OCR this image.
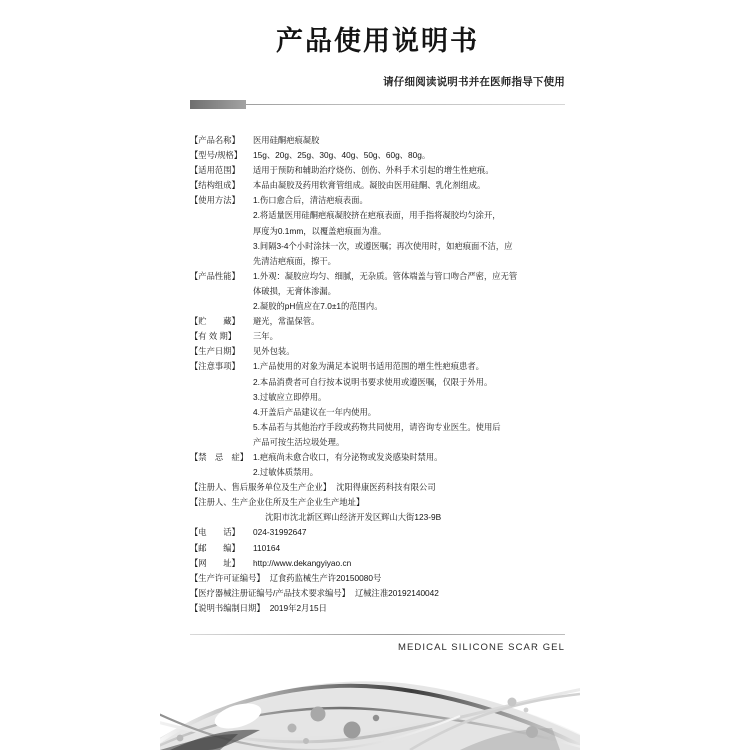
产品使用说明书
请仔细阅读说明书并在医师指导下使用
【产品名称】	医用硅酮疤痕凝胶
【型号/规格】	15g、20g、25g、30g、40g、50g、60g、80g。
【适用范围】	适用于预防和辅助治疗烧伤、创伤、外科手术引起的增生性疤痕。
【结构组成】	本品由凝胶及药用软膏管组成。凝胶由医用硅酮、乳化剂组成。
【使用方法】	1.伤口愈合后，清洁疤痕表面。
2.将适量医用硅酮疤痕凝胶挤在疤痕表面，用手指将凝胶均匀涂开，
厚度为0.1mm，以覆盖疤痕面为准。
3.间隔3-4个小时涂抹一次，或遵医嘱；再次使用时，如疤痕面不洁，应
先清洁疤痕面，擦干。
【产品性能】	1.外观：凝胶应均匀、细腻，无杂质。管体端盖与管口吻合严密，应无管
体破损，无膏体渗漏。
2.凝胶的pH值应在7.0±1的范围内。
【贮　　藏】	避光，常温保管。
【有 效 期】	三年。
【生产日期】	见外包装。
【注意事项】	1.产品使用的对象为满足本说明书适用范围的增生性疤痕患者。
2.本品消费者可自行按本说明书要求使用或遵医嘱，仅限于外用。
3.过敏应立即停用。
4.开盖后产品建议在一年内使用。
5.本品若与其他治疗手段或药物共同使用，请咨询专业医生。使用后
产品可按生活垃圾处理。
【禁　忌　症】 1.疤痕尚未愈合收口，有分泌物或发炎感染时禁用。
2.过敏体质禁用。
【注册人、售后服务单位及生产企业】 沈阳得康医药科技有限公司
【注册人、生产企业住所及生产企业生产地址】
沈阳市沈北新区辉山经济开发区辉山大街123-9B
【电　　话】	024-31992647
【邮　　编】	110164
【网　　址】	http://www.dekangyiyao.cn
【生产许可证编号】 辽食药监械生产许20150080号
【医疗器械注册证编号/产品技术要求编号】 辽械注准20192140042
【说明书编制日期】 2019年2月15日
MEDICAL SILICONE SCAR GEL
